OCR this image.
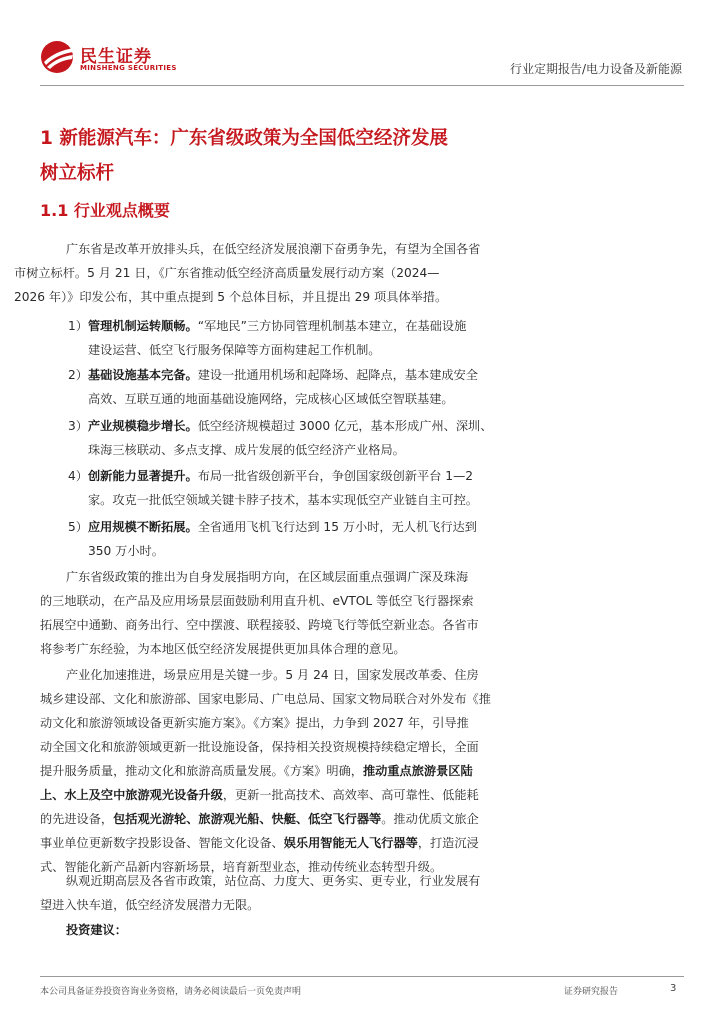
民生证券
MINSHENG SECURITIES	行业定期报告/电力设备及新能源
1 新能源汽车：广东省级政策为全国低空经济发展
树立标杆
1.1 行业观点概要

广东省是改革开放排头兵，在低空经济发展浪潮下奋勇争先，有望为全国各省
市树立标杆。5 月 21 日，《广东省推动低空经济高质量发展行动方案（2024—
2026 年）》印发公布，其中重点提到 5 个总体目标，并且提出 29 项具体举措。

1） 管理机制运转顺畅。“军地民”三方协同管理机制基本建立，在基础设施
建设运营、低空飞行服务保障等方面构建起工作机制。
2） 基础设施基本完备。建设一批通用机场和起降场、起降点，基本建成安全
高效、互联互通的地面基础设施网络，完成核心区域低空智联基建。
3） 产业规模稳步增长。低空经济规模超过 3000 亿元，基本形成广州、深圳、
珠海三核联动、多点支撑、成片发展的低空经济产业格局。
4） 创新能力显著提升。布局一批省级创新平台，争创国家级创新平台 1—2
家。攻克一批低空领域关键卡脖子技术，基本实现低空产业链自主可控。
5） 应用规模不断拓展。全省通用飞机飞行达到 15 万小时，无人机飞行达到
350 万小时。
广东省级政策的推出为自身发展指明方向，在区域层面重点强调广深及珠海
的三地联动，在产品及应用场景层面鼓励利用直升机、eVTOL 等低空飞行器探索
拓展空中通勤、商务出行、空中摆渡、联程接驳、跨境飞行等低空新业态。各省市
将参考广东经验，为本地区低空经济发展提供更加具体合理的意见。
产业化加速推进，场景应用是关键一步。5 月 24 日，国家发展改革委、住房
城乡建设部、文化和旅游部、国家电影局、广电总局、国家文物局联合对外发布《推
动文化和旅游领域设备更新实施方案》。《方案》提出，力争到 2027 年，引导推
动全国文化和旅游领域更新一批设施设备，保持相关投资规模持续稳定增长，全面
提升服务质量，推动文化和旅游高质量发展。《方案》明确，推动重点旅游景区陆
上、水上及空中旅游观光设备升级，更新一批高技术、高效率、高可靠性、低能耗
的先进设备，包括观光游轮、旅游观光船、快艇、低空飞行器等。推动优质文旅企
事业单位更新数字投影设备、智能文化设备、娱乐用智能无人飞行器等，打造沉浸
式、智能化新产品新内容新场景，培育新型业态，推动传统业态转型升级。
纵观近期高层及各省市政策，站位高、力度大、更务实、更专业，行业发展有
望进入快车道，低空经济发展潜力无限。
投资建议：
本公司具备证券投资咨询业务资格，请务必阅读最后一页免责声明	证券研究报告	3
